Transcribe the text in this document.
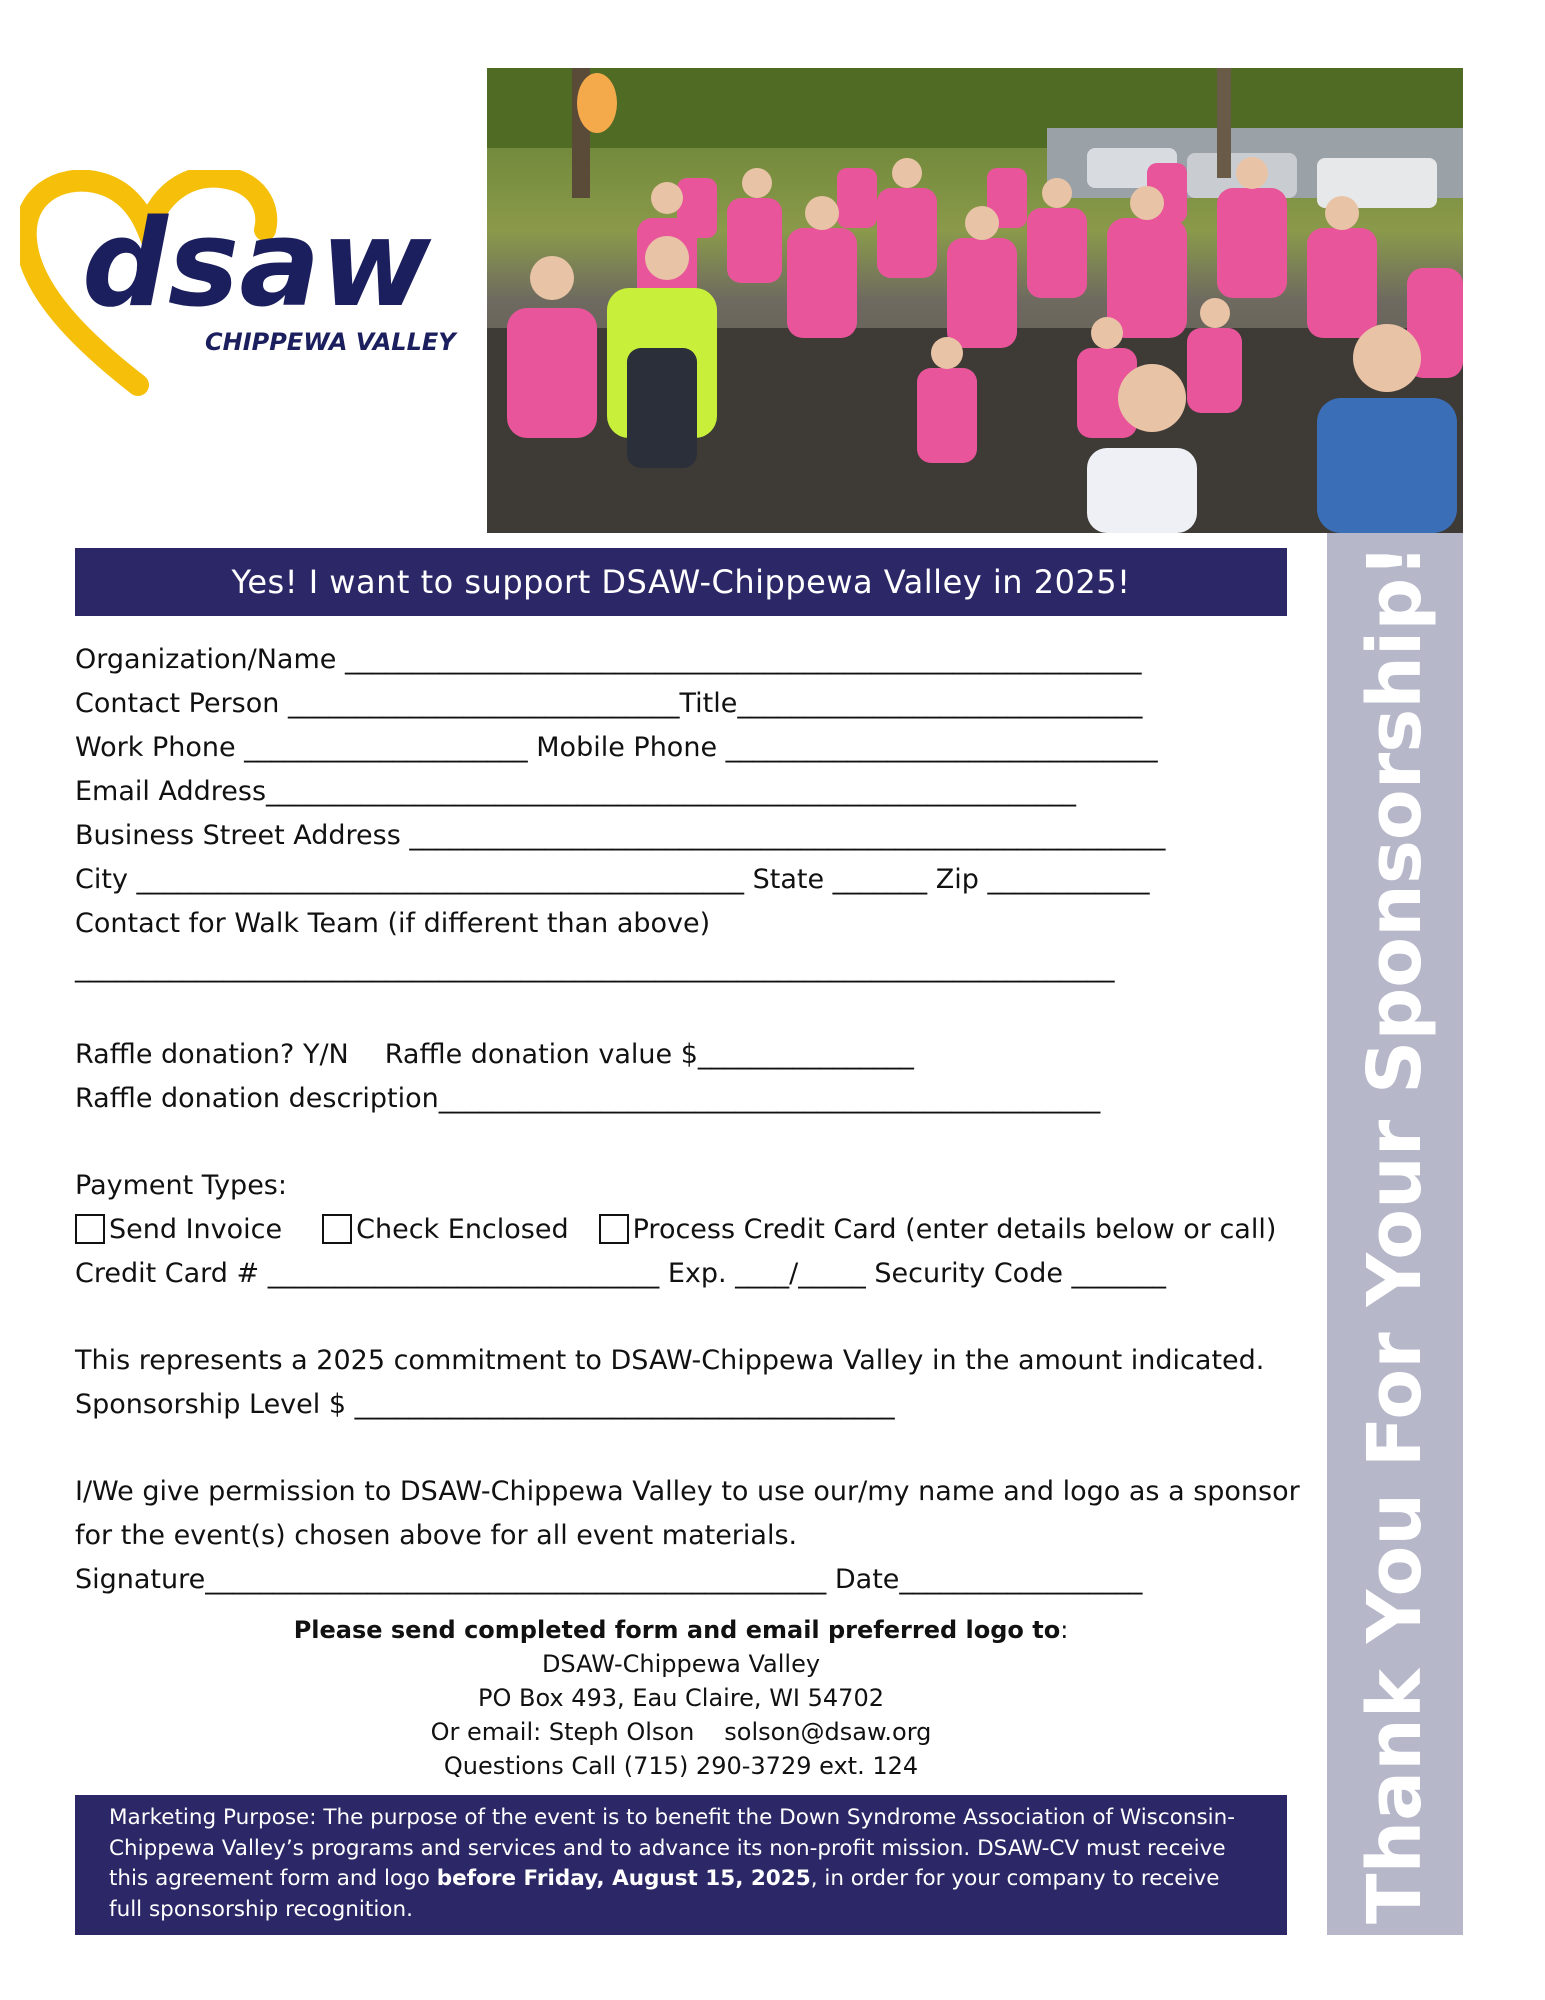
dsaw
CHIPPEWA VALLEY
Thank You For Your Sponsorship!
Yes! I want to support DSAW-Chippewa Valley in 2025!
Organization/Name ___________________________________________________________
Contact Person _____________________________Title______________________________
Work Phone _____________________ Mobile Phone ________________________________
Email Address____________________________________________________________
Business Street Address ________________________________________________________
City _____________________________________________ State _______ Zip ____________
Contact for Walk Team (if different than above)
_____________________________________________________________________________
Raffle donation? Y/N Raffle donation value $________________
Raffle donation description_________________________________________________
Payment Types:
Send Invoice	Check Enclosed Process Credit Card (enter details below or call)
Credit Card # _____________________________ Exp. ____/_____ Security Code _______
This represents a 2025 commitment to DSAW-Chippewa Valley in the amount indicated.
Sponsorship Level $ ________________________________________
I/We give permission to DSAW-Chippewa Valley to use our/my name and logo as a sponsor
for the event(s) chosen above for all event materials.
Signature______________________________________________ Date__________________
Please send completed form and email preferred logo to:
DSAW-Chippewa Valley
PO Box 493, Eau Claire, WI 54702
Or email: Steph Olson solson@dsaw.org
Questions Call (715) 290-3729 ext. 124
Marketing Purpose: The purpose of the event is to benefit the Down Syndrome Association of Wisconsin-Chippewa Valley’s programs and services and to advance its non-profit mission. DSAW-CV must receive this agreement form and logo before Friday, August 15, 2025, in order for your company to receive full sponsorship recognition.
